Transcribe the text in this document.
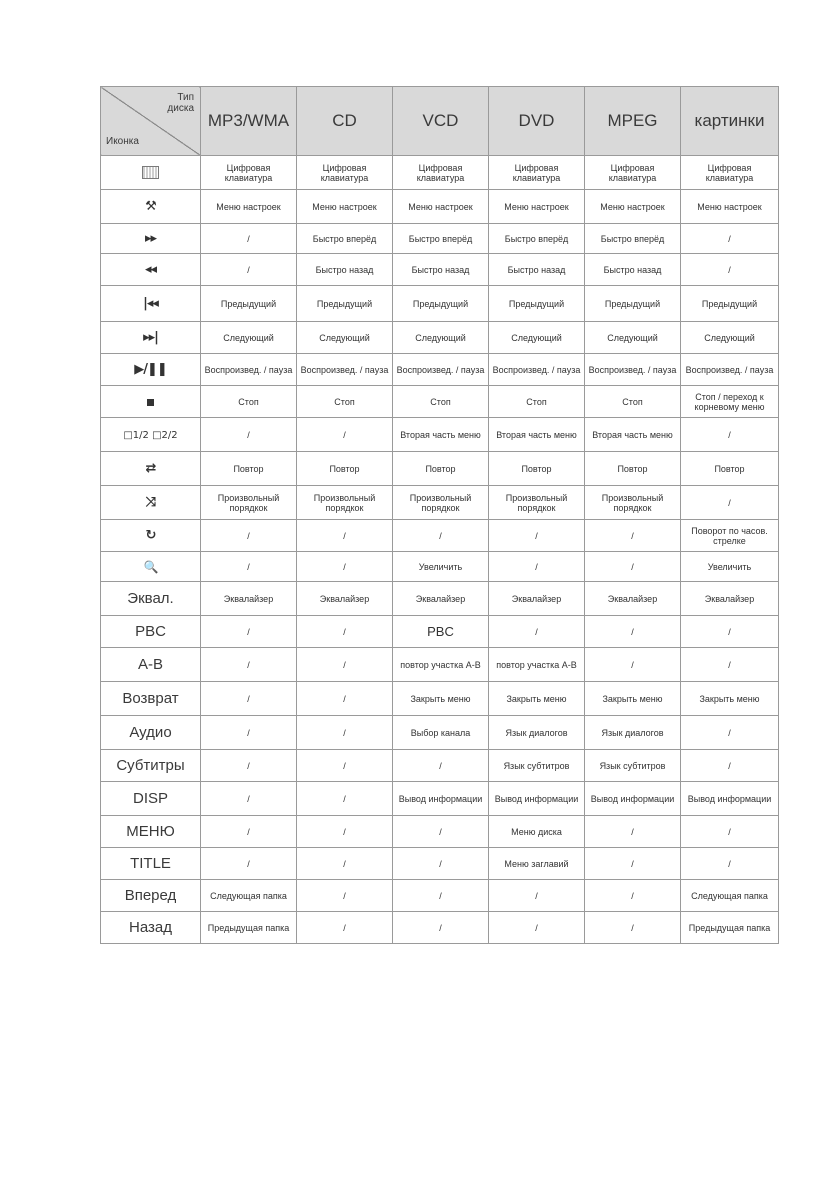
Тип
диска
Иконка	MP3/WMA	CD	VCD	DVD	MPEG	картинки
	Цифровая клавиатура	Цифровая клавиатура	Цифровая клавиатура	Цифровая клавиатура	Цифровая клавиатура	Цифровая клавиатура
⚒	Меню настроек	Меню настроек	Меню настроек	Меню настроек	Меню настроек	Меню настроек
▸▸	/	Быстро вперёд	Быстро вперёд	Быстро вперёд	Быстро вперёд	/
◂◂	/	Быстро назад	Быстро назад	Быстро назад	Быстро назад	/
|◂◂	Предыдущий	Предыдущий	Предыдущий	Предыдущий	Предыдущий	Предыдущий
▸▸|	Следующий	Следующий	Следующий	Следующий	Следующий	Следующий
▶/❚❚	Воспроизвед. / пауза	Воспроизвед. / пауза	Воспроизвед. / пауза	Воспроизвед. / пауза	Воспроизвед. / пауза	Воспроизвед. / пауза
	Стоп	Стоп	Стоп	Стоп	Стоп	Стоп / переход к корневому меню
□1/2 □2/2	/	/	Вторая часть меню	Вторая часть меню	Вторая часть меню	/
⇄	Повтор	Повтор	Повтор	Повтор	Повтор	Повтор
⤨	Произвольный порядкок	Произвольный порядкок	Произвольный порядкок	Произвольный порядкок	Произвольный порядкок	/
↻	/	/	/	/	/	Поворот по часов. стрелке
🔍	/	/	Увеличить	/	/	Увеличить
Эквал.	Эквалайзер	Эквалайзер	Эквалайзер	Эквалайзер	Эквалайзер	Эквалайзер
PBC	/	/	PBC	/	/	/
A-B	/	/	повтор участка A-B	повтор участка A-B	/	/
Возврат	/	/	Закрыть меню	Закрыть меню	Закрыть меню	Закрыть меню
Аудио	/	/	Выбор канала	Язык диалогов	Язык диалогов	/
Субтитры	/	/	/	Язык субтитров	Язык субтитров	/
DISP	/	/	Вывод информации	Вывод информации	Вывод информации	Вывод информации
МЕНЮ	/	/	/	Меню диска	/	/
TITLE	/	/	/	Меню заглавий	/	/
Вперед	Следующая папка	/	/	/	/	Следующая папка
Назад	Предыдущая папка	/	/	/	/	Предыдущая папка
